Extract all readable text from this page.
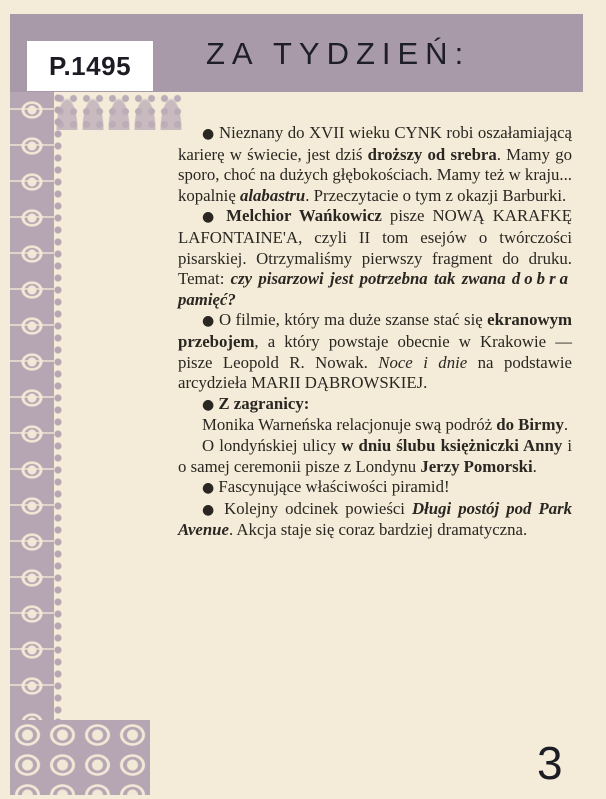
P.1495	ZA TYDZIEŃ:

● Nieznany do XVII wieku CYNK robi oszałamiającą karierę w świecie, jest dziś droższy od srebra. Mamy go sporo, choć na dużych głębokościach. Mamy też w kraju... kopalnię alabastru. Przeczytacie o tym z okazji Barburki.

● Melchior Wańkowicz pisze NOWĄ KARAFKĘ LAFONTAINE'A, czyli II tom esejów o twórczości pisarskiej. Otrzymaliśmy pierwszy fragment do druku. Temat: czy pisarzowi jest potrzebna tak zwana dobra pamięć?

● O filmie, który ma duże szanse stać się ekranowym przebojem, a który powstaje obecnie w Krakowie — pisze Leopold R. Nowak. Noce i dnie na podstawie arcydzieła MARII DĄBROWSKIEJ.

● Z zagranicy:

Monika Warneńska relacjonuje swą podróż do Birmy.

O londyńskiej ulicy w dniu ślubu księżniczki Anny i o samej ceremonii pisze z Londynu Jerzy Pomorski.

● Fascynujące właściwości piramid!

● Kolejny odcinek powieści Długi postój pod Park Avenue. Akcja staje się coraz bardziej dramatyczna.

3
